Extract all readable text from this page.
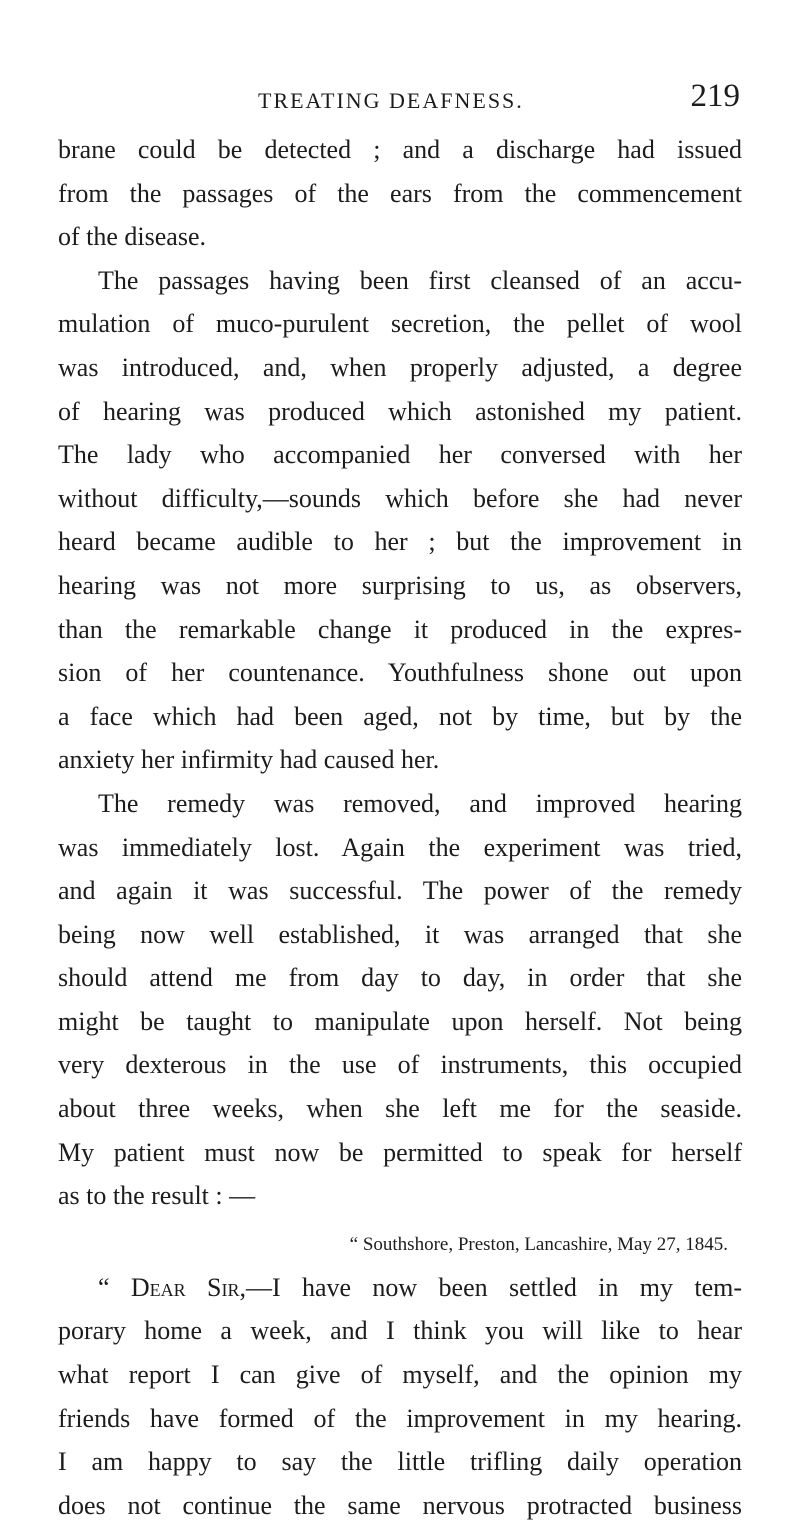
TREATING DEAFNESS.	219
brane could be detected ; and a discharge had issued
from the passages of the ears from the commencement
of the disease.
The passages having been first cleansed of an accu-
mulation of muco-purulent secretion, the pellet of wool
was introduced, and, when properly adjusted, a degree
of hearing was produced which astonished my patient.
The lady who accompanied her conversed with her
without difficulty,—sounds which before she had never
heard became audible to her ; but the improvement in
hearing was not more surprising to us, as observers,
than the remarkable change it produced in the expres-
sion of her countenance. Youthfulness shone out upon
a face which had been aged, not by time, but by the
anxiety her infirmity had caused her.
The remedy was removed, and improved hearing
was immediately lost. Again the experiment was tried,
and again it was successful. The power of the remedy
being now well established, it was arranged that she
should attend me from day to day, in order that she
might be taught to manipulate upon herself. Not being
very dexterous in the use of instruments, this occupied
about three weeks, when she left me for the seaside.
My patient must now be permitted to speak for herself
as to the result : —
“ Southshore, Preston, Lancashire, May 27, 1845.
“ Dear Sir,—I have now been settled in my tem-
porary home a week, and I think you will like to hear
what report I can give of myself, and the opinion my
friends have formed of the improvement in my hearing.
I am happy to say the little trifling daily operation
does not continue the same nervous protracted business
